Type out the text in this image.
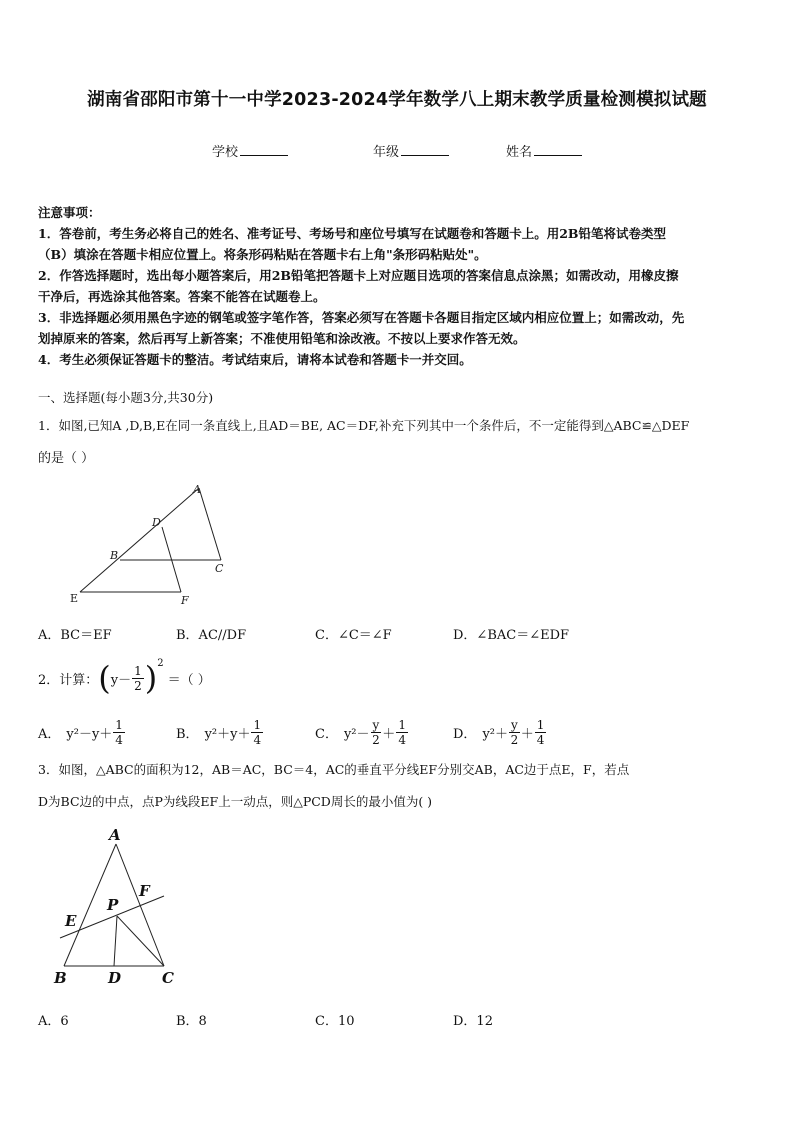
湖南省邵阳市第十一中学2023-2024学年数学八上期末教学质量检测模拟试题
学校	年级	姓名
注意事项：

1．答卷前，考生务必将自己的姓名、准考证号、考场号和座位号填写在试题卷和答题卡上。用2B铅笔将试卷类型

（B）填涂在答题卡相应位置上。将条形码粘贴在答题卡右上角"条形码粘贴处"。

2．作答选择题时，选出每小题答案后，用2B铅笔把答题卡上对应题目选项的答案信息点涂黑；如需改动，用橡皮擦

干净后，再选涂其他答案。答案不能答在试题卷上。

3．非选择题必须用黑色字迹的钢笔或签字笔作答，答案必须写在答题卡各题目指定区域内相应位置上；如需改动，先

划掉原来的答案，然后再写上新答案；不准使用铅笔和涂改液。不按以上要求作答无效。

4．考生必须保证答题卡的整洁。考试结束后，请将本试卷和答题卡一并交回。

一、选择题(每小题3分,共30分)
1．如图,已知A ,D,B,E在同一条直线上,且AD＝BE, AC＝DF,补充下列其中一个条件后，不一定能得到△ABC≌△DEF
的是（ ）
A
D
B
C
E	F
A．BC＝EF	B．AC//DF	C．∠C＝∠F	D．∠BAC＝∠EDF
2．计算： ( $y- \frac{1}{2} )^2$
＝（ ）
A． $y^2-y+ \frac{1}{4}$	B． $y^2+y+ \frac{1}{4}$	C． $y^2- \frac{y}{2} + \frac{1}{4}$	D． $y^2+ \frac{y}{2} + \frac{1}{4}$
3．如图，△ABC的面积为12，AB＝AC，BC＝4，AC的垂直平分线EF分别交AB，AC边于点E，F，若点
D为BC边的中点，点P为线段EF上一动点，则△PCD周长的最小值为( )
A
F
E
P
B	D	C
A．6	B．8	C．10	D．12
